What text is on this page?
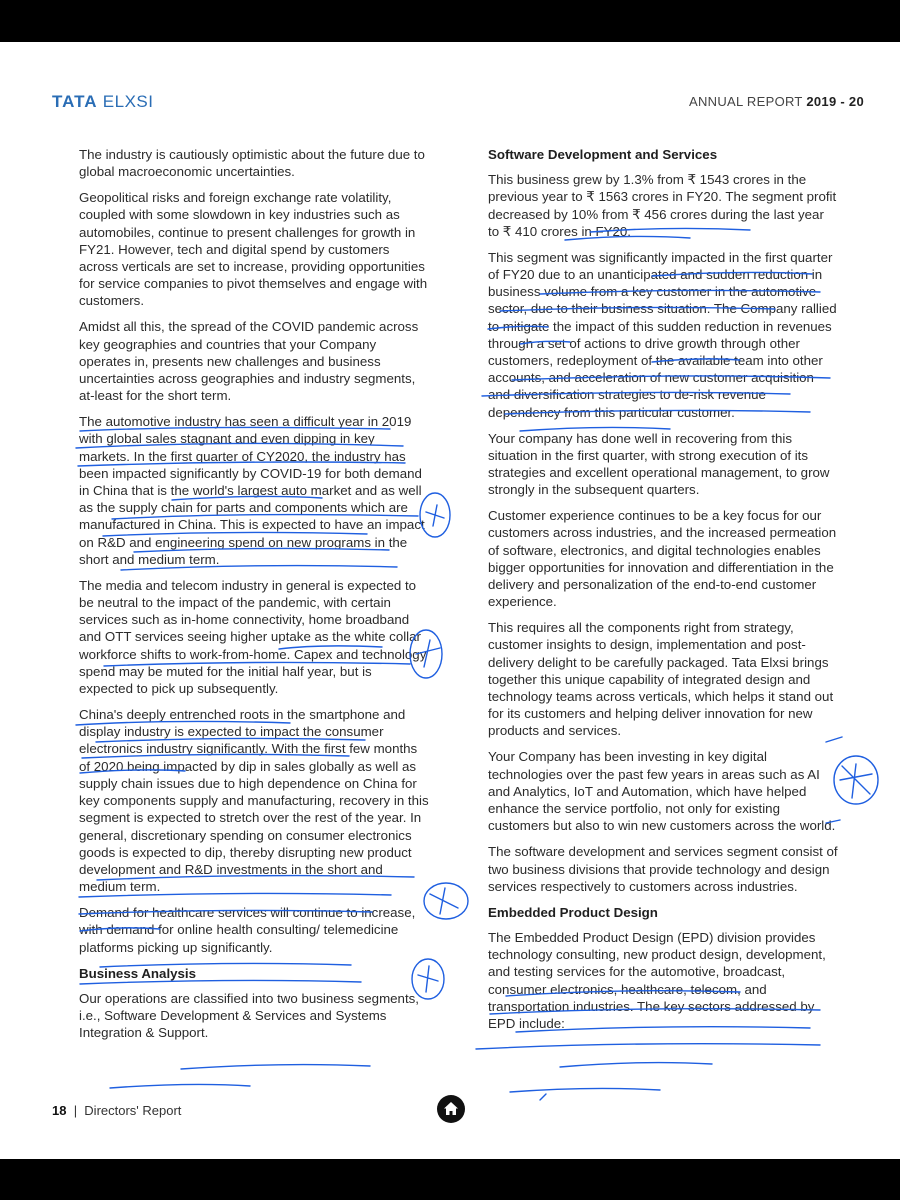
TATA ELXSI	ANNUAL REPORT 2019 - 20

The industry is cautiously optimistic about the future due to global macroeconomic uncertainties.

Geopolitical risks and foreign exchange rate volatility, coupled with some slowdown in key industries such as automobiles, continue to present challenges for growth in FY21. However, tech and digital spend by customers across verticals are set to increase, providing opportunities for service companies to pivot themselves and engage with customers.

Amidst all this, the spread of the COVID pandemic across key geographies and countries that your Company operates in, presents new challenges and business uncertainties across geographies and industry segments, at-least for the short term.

The automotive industry has seen a difficult year in 2019 with global sales stagnant and even dipping in key markets. In the first quarter of CY2020, the industry has been impacted significantly by COVID-19 for both demand in China that is the world's largest auto market and as well as the supply chain for parts and components which are manufactured in China. This is expected to have an impact on R&D and engineering spend on new programs in the short and medium term.

The media and telecom industry in general is expected to be neutral to the impact of the pandemic, with certain services such as in-home connectivity, home broadband and OTT services seeing higher uptake as the white collar workforce shifts to work-from-home. Capex and technology spend may be muted for the initial half year, but is expected to pick up subsequently.

China's deeply entrenched roots in the smartphone and display industry is expected to impact the consumer electronics industry significantly. With the first few months of 2020 being impacted by dip in sales globally as well as supply chain issues due to high dependence on China for key components supply and manufacturing, recovery in this segment is expected to stretch over the rest of the year. In general, discretionary spending on consumer electronics goods is expected to dip, thereby disrupting new product development and R&D investments in the short and medium term.

Demand for healthcare services will continue to increase, with demand for online health consulting/ telemedicine platforms picking up significantly.

Business Analysis

Our operations are classified into two business segments, i.e., Software Development & Services and Systems Integration & Support.

Software Development and Services

This business grew by 1.3% from ₹ 1543 crores in the previous year to ₹ 1563 crores in FY20. The segment profit decreased by 10% from ₹ 456 crores during the last year to ₹ 410 crores in FY20.

This segment was significantly impacted in the first quarter of FY20 due to an unanticipated and sudden reduction in business volume from a key customer in the automotive sector, due to their business situation. The Company rallied to mitigate the impact of this sudden reduction in revenues through a set of actions to drive growth through other customers, redeployment of the available team into other accounts, and acceleration of new customer acquisition and diversification strategies to de-risk revenue dependency from this particular customer.

Your company has done well in recovering from this situation in the first quarter, with strong execution of its strategies and excellent operational management, to grow strongly in the subsequent quarters.

Customer experience continues to be a key focus for our customers across industries, and the increased permeation of software, electronics, and digital technologies enables bigger opportunities for innovation and differentiation in the delivery and personalization of the end-to-end customer experience.

This requires all the components right from strategy, customer insights to design, implementation and post-delivery delight to be carefully packaged. Tata Elxsi brings together this unique capability of integrated design and technology teams across verticals, which helps it stand out for its customers and helping deliver innovation for new products and services.

Your Company has been investing in key digital technologies over the past few years in areas such as AI and Analytics, IoT and Automation, which have helped enhance the service portfolio, not only for existing customers but also to win new customers across the world.

The software development and services segment consist of two business divisions that provide technology and design services respectively to customers across industries.

Embedded Product Design

The Embedded Product Design (EPD) division provides technology consulting, new product design, development, and testing services for the automotive, broadcast, consumer electronics, healthcare, telecom, and transportation industries. The key sectors addressed by EPD include:

18  |  Directors' Report
